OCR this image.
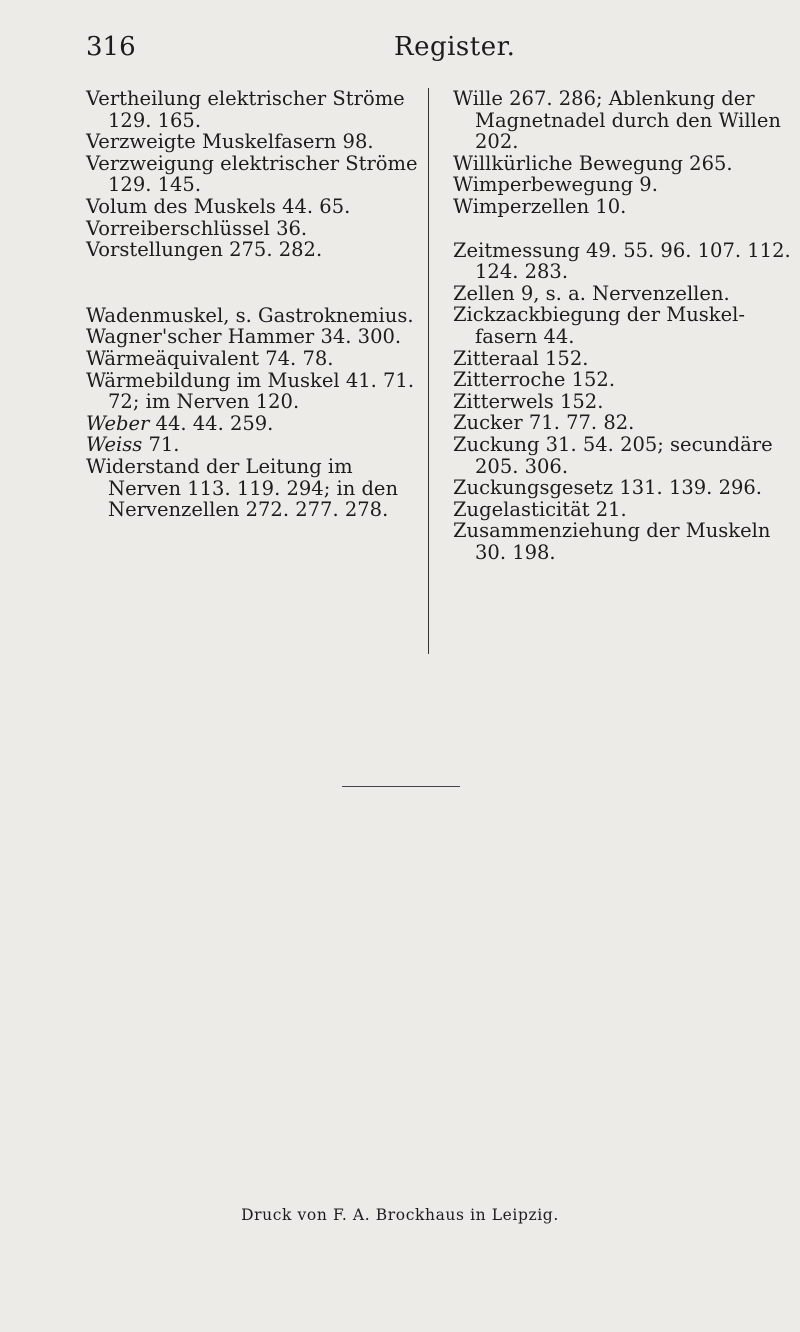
316	Register.

Vertheilung elektrischer Ströme 129. 165.

Verzweigte Muskelfasern 98.

Verzweigung elektrischer Ströme 129. 145.

Volum des Muskels 44. 65.

Vorreiberschlüssel 36.

Vorstellungen 275. 282.

Wadenmuskel, s. Gastroknemius.

Wagner'scher Hammer 34. 300.

Wärmeäquivalent 74. 78.

Wärmebildung im Muskel 41. 71. 72; im Nerven 120.

Weber 44. 44. 259.

Weiss 71.

Widerstand der Leitung im Nerven 113. 119. 294; in den Nervenzellen 272. 277. 278.

Wille 267. 286; Ablenkung der Magnetnadel durch den Willen 202.

Willkürliche Bewegung 265.

Wimperbewegung 9.

Wimperzellen 10.

Zeitmessung 49. 55. 96. 107. 112. 124. 283.

Zellen 9, s. a. Nervenzellen.

Zickzackbiegung der Muskelfasern 44.

Zitteraal 152.

Zitterroche 152.

Zitterwels 152.

Zucker 71. 77. 82.

Zuckung 31. 54. 205; secundäre 205. 306.

Zuckungsgesetz 131. 139. 296.

Zugelasticität 21.

Zusammenziehung der Muskeln 30. 198.

Druck von F. A. Brockhaus in Leipzig.
